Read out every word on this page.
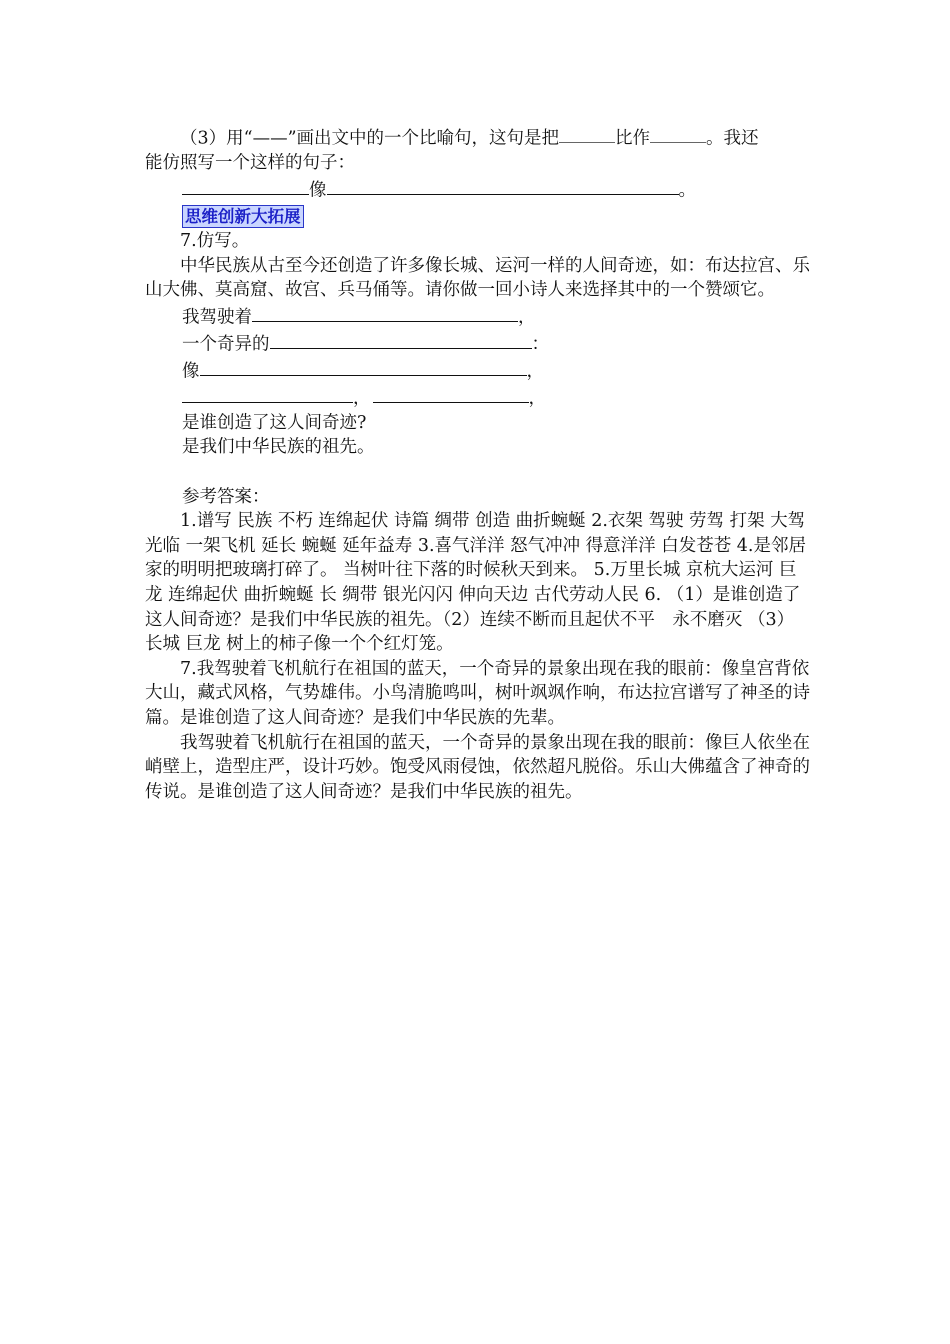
（3）用“——”画出文中的一个比喻句，这句是把	比作	。我还

能仿照写一个这样的句子：

像	。

思维创新大拓展

7.仿写。

中华民族从古至今还创造了许多像长城、运河一样的人间奇迹，如：布达拉宫、乐山大佛、莫高窟、故宫、兵马俑等。请你做一回小诗人来选择其中的一个赞颂它。

我驾驶着	，

一个奇异的	：

像	，

，	，

是谁创造了这人间奇迹?

是我们中华民族的祖先。

参考答案：

1.谱写 民族 不朽 连绵起伏 诗篇 绸带 创造 曲折蜿蜒 2.衣架 驾驶 劳驾 打架 大驾光临 一架飞机 延长 蜿蜒 延年益寿 3.喜气洋洋 怒气冲冲 得意洋洋 白发苍苍 4.是邻居家的明明把玻璃打碎了。 当树叶往下落的时候秋天到来。 5.万里长城 京杭大运河 巨龙 连绵起伏 曲折蜿蜒 长 绸带 银光闪闪 伸向天边 古代劳动人民 6. （1）是谁创造了这人间奇迹？是我们中华民族的祖先。（2）连续不断而且起伏不平　永不磨灭 （3）长城 巨龙 树上的柿子像一个个红灯笼。

7.我驾驶着飞机航行在祖国的蓝天，一个奇异的景象出现在我的眼前：像皇宫背依大山，藏式风格，气势雄伟。小鸟清脆鸣叫，树叶飒飒作响，布达拉宫谱写了神圣的诗篇。是谁创造了这人间奇迹？是我们中华民族的先辈。

我驾驶着飞机航行在祖国的蓝天，一个奇异的景象出现在我的眼前：像巨人依坐在峭壁上，造型庄严，设计巧妙。饱受风雨侵蚀，依然超凡脱俗。乐山大佛蕴含了神奇的传说。是谁创造了这人间奇迹？是我们中华民族的祖先。
